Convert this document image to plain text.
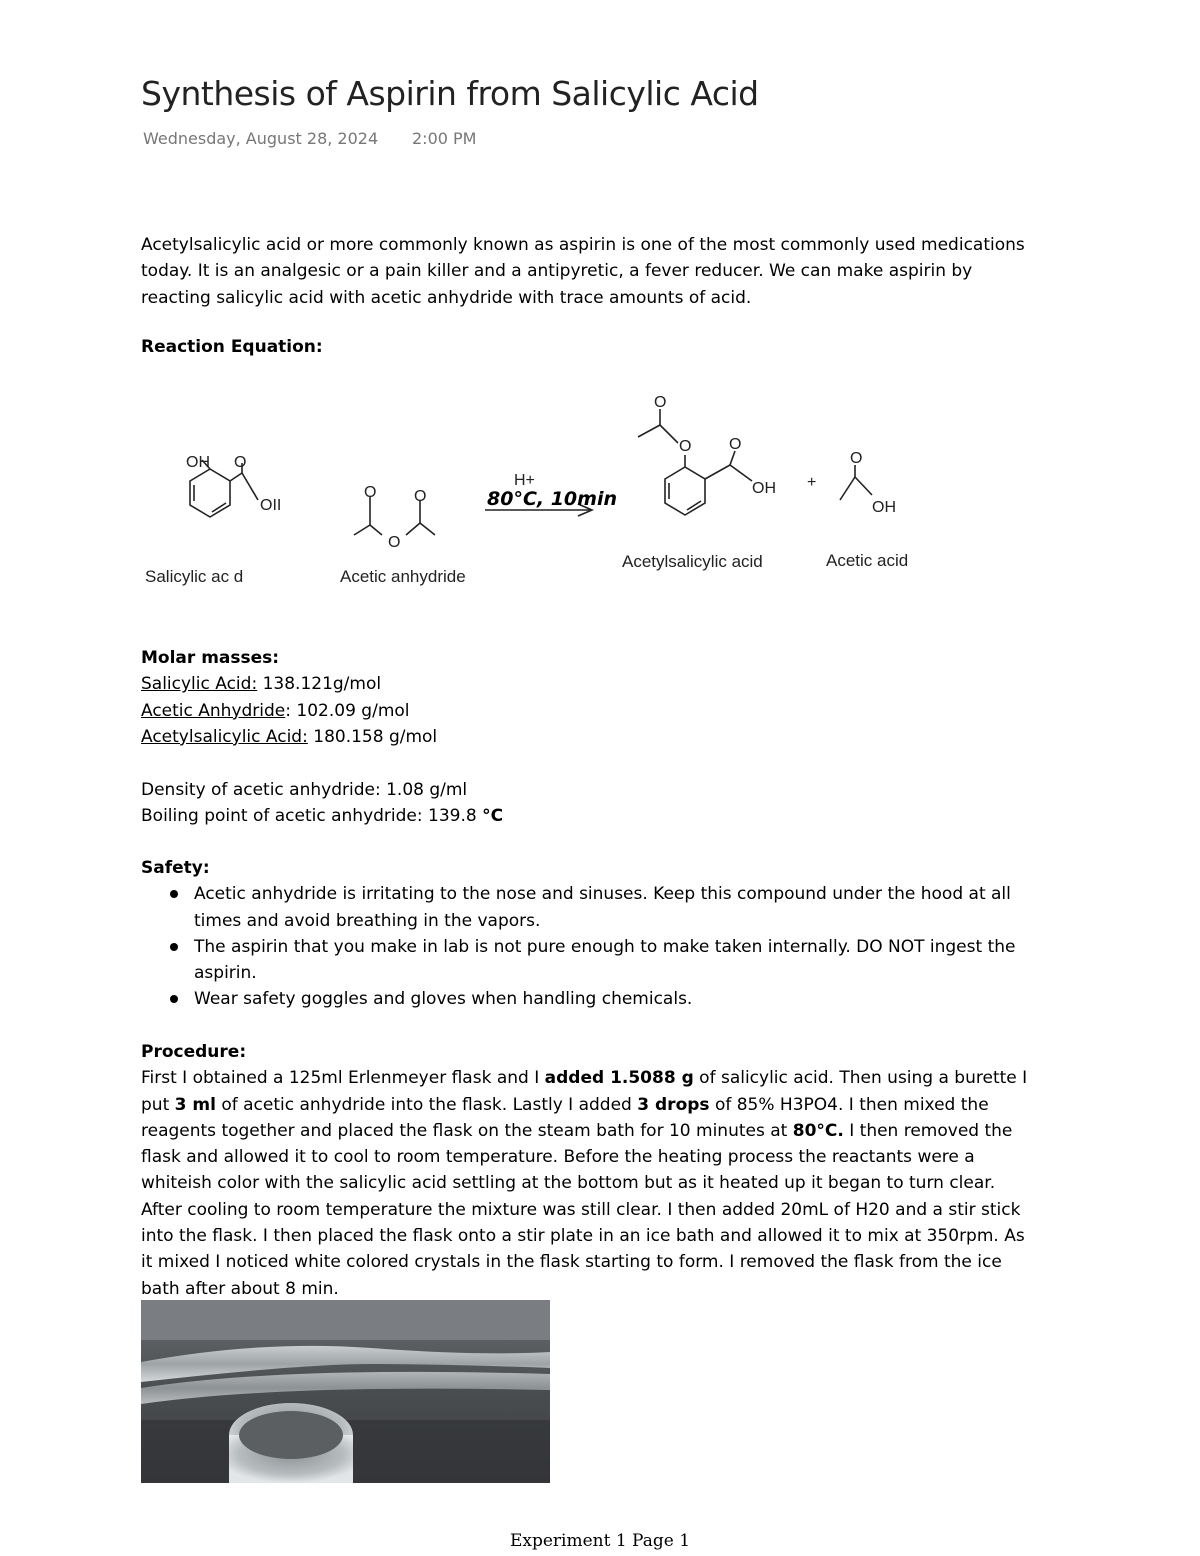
Synthesis of Aspirin from Salicylic Acid
Wednesday, August 28, 2024 2:00 PM
Acetylsalicylic acid or more commonly known as aspirin is one of the most commonly used medications today. It is an analgesic or a pain killer and a antipyretic, a fever reducer. We can make aspirin by reacting salicylic acid with acetic anhydride with trace amounts of acid.
Reaction Equation:
OH O
OII
O O
O
O
O O
OH
O
OH
+
H+
80°C, 10min
Salicylic ac d	Acetic anhydride
Acetylsalicylic acid	Acetic acid
Molar masses:
Salicylic Acid: 138.121g/mol
Acetic Anhydride: 102.09 g/mol
Acetylsalicylic Acid: 180.158 g/mol
Density of acetic anhydride: 1.08 g/ml
Boiling point of acetic anhydride: 139.8 °C
Safety:
Acetic anhydride is irritating to the nose and sinuses. Keep this compound under the hood at all times and avoid breathing in the vapors.
The aspirin that you make in lab is not pure enough to make taken internally. DO NOT ingest the aspirin.
Wear safety goggles and gloves when handling chemicals.
Procedure:
First I obtained a 125ml Erlenmeyer flask and I added 1.5088 g of salicylic acid. Then using a burette I put 3 ml of acetic anhydride into the flask. Lastly I added 3 drops of 85% H3PO4. I then mixed the reagents together and placed the flask on the steam bath for 10 minutes at 80°C. I then removed the flask and allowed it to cool to room temperature. Before the heating process the reactants were a whiteish color with the salicylic acid settling at the bottom but as it heated up it began to turn clear. After cooling to room temperature the mixture was still clear. I then added 20mL of H20 and a stir stick into the flask. I then placed the flask onto a stir plate in an ice bath and allowed it to mix at 350rpm. As it mixed I noticed white colored crystals in the flask starting to form. I removed the flask from the ice bath after about 8 min.
Experiment 1 Page 1
